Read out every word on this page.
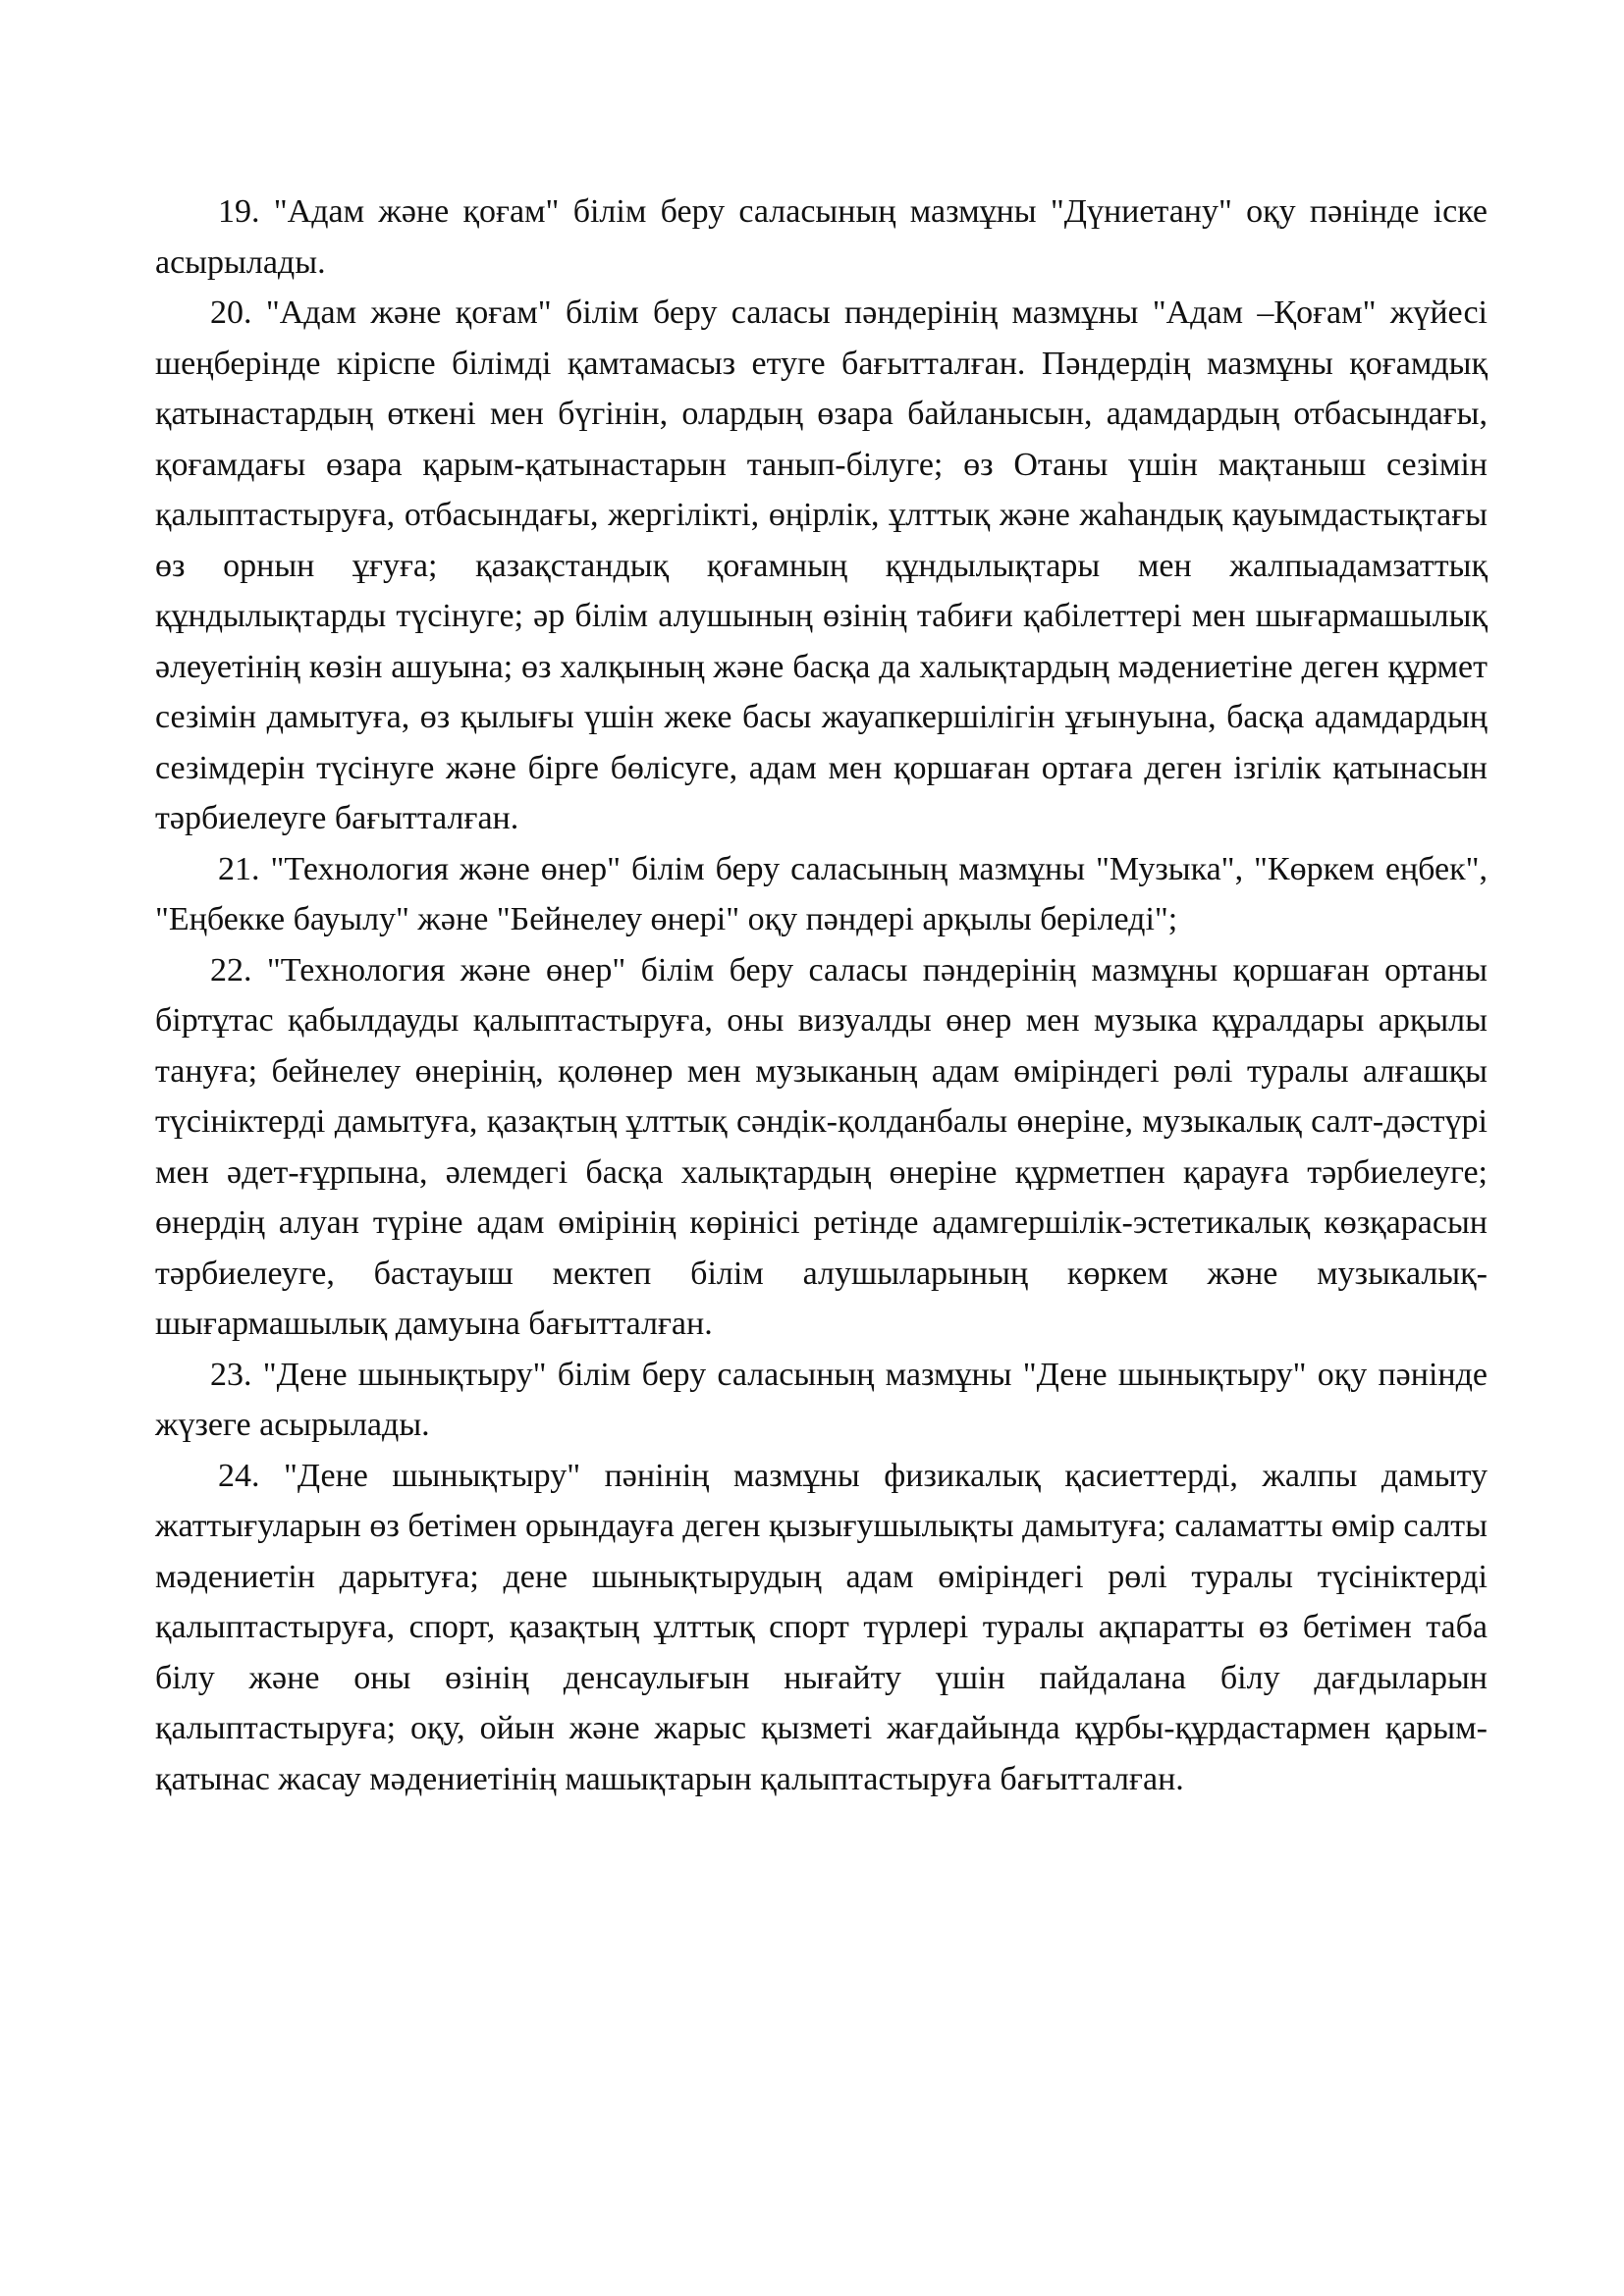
19. "Адам және қоғам" білім беру саласының мазмұны "Дүниетану" оқу пәнінде іске асырылады.

20. "Адам және қоғам" білім беру саласы пәндерінің мазмұны "Адам –Қоғам" жүйесі шеңберінде кіріспе білімді қамтамасыз етуге бағытталған. Пәндердің мазмұны қоғамдық қатынастардың өткені мен бүгінін, олардың өзара байланысын, адамдардың отбасындағы, қоғамдағы өзара қарым-қатынастарын танып-білуге; өз Отаны үшін мақтаныш сезімін қалыптастыруға, отбасындағы, жергілікті, өңірлік, ұлттық және жаһандық қауымдастықтағы өз орнын ұғуға; қазақстандық қоғамның құндылықтары мен жалпыадамзаттық құндылықтарды түсінуге; әр білім алушының өзінің табиғи қабілеттері мен шығармашылық әлеуетінің көзін ашуына; өз халқының және басқа да халықтардың мәдениетіне деген құрмет сезімін дамытуға, өз қылығы үшін жеке басы жауапкершілігін ұғынуына, басқа адамдардың сезімдерін түсінуге және бірге бөлісуге, адам мен қоршаған ортаға деген ізгілік қатынасын тәрбиелеуге бағытталған.

21. "Технология және өнер" білім беру саласының мазмұны "Музыка", "Көркем еңбек", "Еңбекке бауылу" және "Бейнелеу өнері" оқу пәндері арқылы беріледі";

22. "Технология және өнер" білім беру саласы пәндерінің мазмұны қоршаған ортаны біртұтас қабылдауды қалыптастыруға, оны визуалды өнер мен музыка құралдары арқылы тануға; бейнелеу өнерінің, қолөнер мен музыканың адам өміріндегі рөлі туралы алғашқы түсініктерді дамытуға, қазақтың ұлттық сәндік-қолданбалы өнеріне, музыкалық салт-дәстүрі мен әдет-ғұрпына, әлемдегі басқа халықтардың өнеріне құрметпен қарауға тәрбиелеуге; өнердің алуан түріне адам өмірінің көрінісі ретінде адамгершілік-эстетикалық көзқарасын тәрбиелеуге, бастауыш мектеп білім алушыларының көркем және музыкалық-шығармашылық дамуына бағытталған.

23. "Дене шынықтыру" білім беру саласының мазмұны "Дене шынықтыру" оқу пәнінде жүзеге асырылады.

24. "Дене шынықтыру" пәнінің мазмұны физикалық қасиеттерді, жалпы дамыту жаттығуларын өз бетімен орындауға деген қызығушылықты дамытуға; саламатты өмір салты мәдениетін дарытуға; дене шынықтырудың адам өміріндегі рөлі туралы түсініктерді қалыптастыруға, спорт, қазақтың ұлттық спорт түрлері туралы ақпаратты өз бетімен таба білу және оны өзінің денсаулығын нығайту үшін пайдалана білу дағдыларын қалыптастыруға; оқу, ойын және жарыс қызметі жағдайында құрбы-құрдастармен қарым-қатынас жасау мәдениетінің машықтарын қалыптастыруға бағытталған.
